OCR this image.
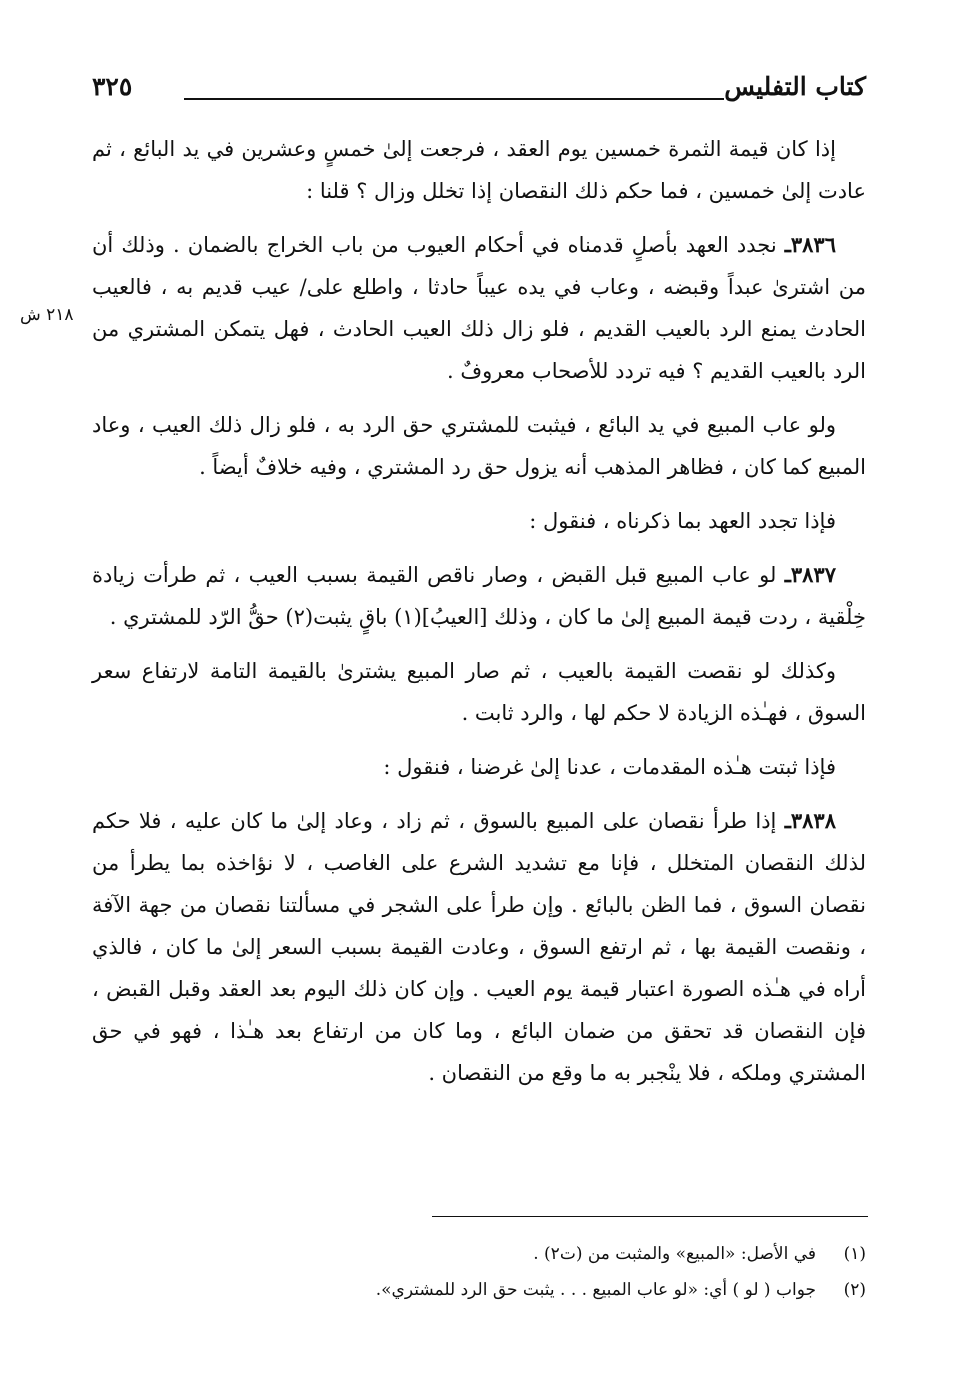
كتاب التفليس
٣٢٥
٢١٨ ش

إذا كان قيمة الثمرة خمسين يوم العقد ، فرجعت إلىٰ خمسٍ وعشرين في يد البائع ، ثم عادت إلىٰ خمسين ، فما حكم ذلك النقصان إذا تخلل وزال ؟ قلنا :

٣٨٣٦ـ نجدد العهد بأصلٍ قدمناه في أحكام العيوب من باب الخراج بالضمان . وذلك أن من اشترىٰ عبداً وقبضه ، وعاب في يده عيباً حادثا ، واطلع على/ عيب قديم به ، فالعيب الحادث يمنع الرد بالعيب القديم ، فلو زال ذلك العيب الحادث ، فهل يتمكن المشتري من الرد بالعيب القديم ؟ فيه تردد للأصحاب معروفٌ .

ولو عاب المبيع في يد البائع ، فيثبت للمشتري حق الرد به ، فلو زال ذلك العيب ، وعاد المبيع كما كان ، فظاهر المذهب أنه يزول حق رد المشتري ، وفيه خلافٌ أيضاً .

فإذا تجدد العهد بما ذكرناه ، فنقول :

٣٨٣٧ـ لو عاب المبيع قبل القبض ، وصار ناقص القيمة بسبب العيب ، ثم طرأت زيادة خِلْقية ، ردت قيمة المبيع إلىٰ ما كان ، وذلك [العيبُ](١) باقٍ يثبت(٢) حقُّ الرّد للمشتري .

وكذلك لو نقصت القيمة بالعيب ، ثم صار المبيع يشترىٰ بالقيمة التامة لارتفاع سعر السوق ، فهـٰذه الزيادة لا حكم لها ، والرد ثابت .

فإذا ثبتت هـٰذه المقدمات ، عدنا إلىٰ غرضنا ، فنقول :

٣٨٣٨ـ إذا طرأ نقصان على المبيع بالسوق ، ثم زاد ، وعاد إلىٰ ما كان عليه ، فلا حكم لذلك النقصان المتخلل ، فإنا مع تشديد الشرع على الغاصب ، لا نؤاخذه بما يطرأ من نقصان السوق ، فما الظن بالبائع . وإن طرأ على الشجر في مسألتنا نقصان من جهة الآفة ، ونقصت القيمة بها ، ثم ارتفع السوق ، وعادت القيمة بسبب السعر إلىٰ ما كان ، فالذي أراه في هـٰذه الصورة اعتبار قيمة يوم العيب . وإن كان ذلك اليوم بعد العقد وقبل القبض ، فإن النقصان قد تحقق من ضمان البائع ، وما كان من ارتفاع بعد هـٰذا ، فهو في حق المشتري وملكه ، فلا ينْجبر به ما وقع من النقصان .

(١)
في الأصل: «المبيع» والمثبت من (ت٢) .
(٢)
جواب ( لو ) أي: «لو عاب المبيع . . . يثبت حق الرد للمشتري».
